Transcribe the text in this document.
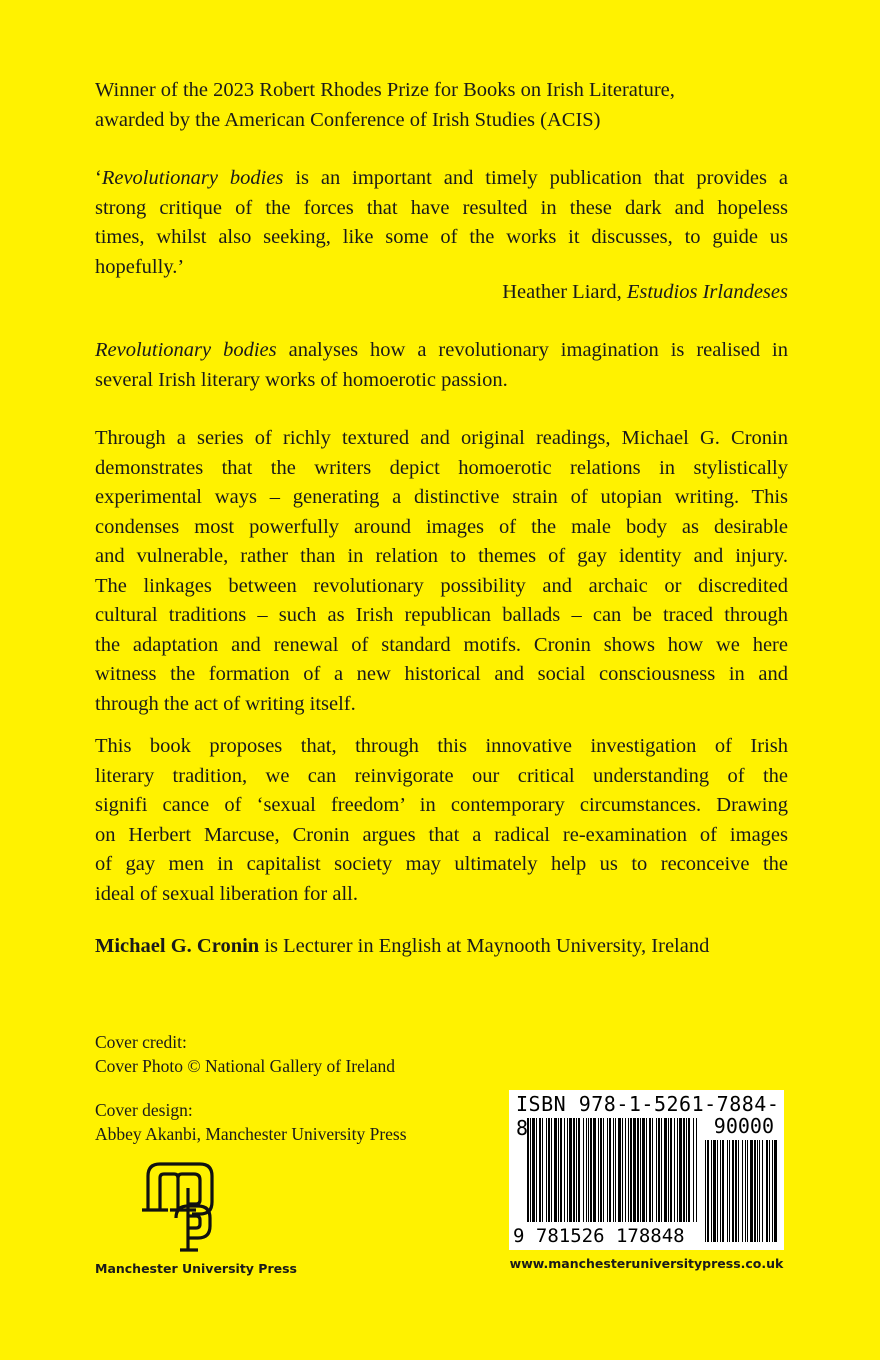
Winner of the 2023 Robert Rhodes Prize for Books on Irish Literature,
awarded by the American Conference of Irish Studies (ACIS)
‘Revolutionary bodies is an important and timely publication that provides a
strong critique of the forces that have resulted in these dark and hopeless
times, whilst also seeking, like some of the works it discusses, to guide us
hopefully.’
Heather Liard, Estudios Irlandeses
Revolutionary bodies analyses how a revolutionary imagination is realised in
several Irish literary works of homoerotic passion.
Through a series of richly textured and original readings, Michael G. Cronin
demonstrates that the writers depict homoerotic relations in stylistically
experimental ways – generating a distinctive strain of utopian writing. This
condenses most powerfully around images of the male body as desirable
and vulnerable, rather than in relation to themes of gay identity and injury.
The linkages between revolutionary possibility and archaic or discredited
cultural traditions – such as Irish republican ballads – can be traced through
the adaptation and renewal of standard motifs. Cronin shows how we here
witness the formation of a new historical and social consciousness in and
through the act of writing itself.
This book proposes that, through this innovative investigation of Irish
literary tradition, we can reinvigorate our critical understanding of the
signifi cance of ‘sexual freedom’ in contemporary circumstances. Drawing
on Herbert Marcuse, Cronin argues that a radical re-examination of images
of gay men in capitalist society may ultimately help us to reconceive the
ideal of sexual liberation for all.
Michael G. Cronin is Lecturer in English at Maynooth University, Ireland
Cover credit:
Cover Photo © National Gallery of Ireland
Cover design:
Abbey Akanbi, Manchester University Press
Manchester University Press
ISBN 978-1-5261-7884-8	90000
9 781526 178848
www.manchesteruniversitypress.co.uk
